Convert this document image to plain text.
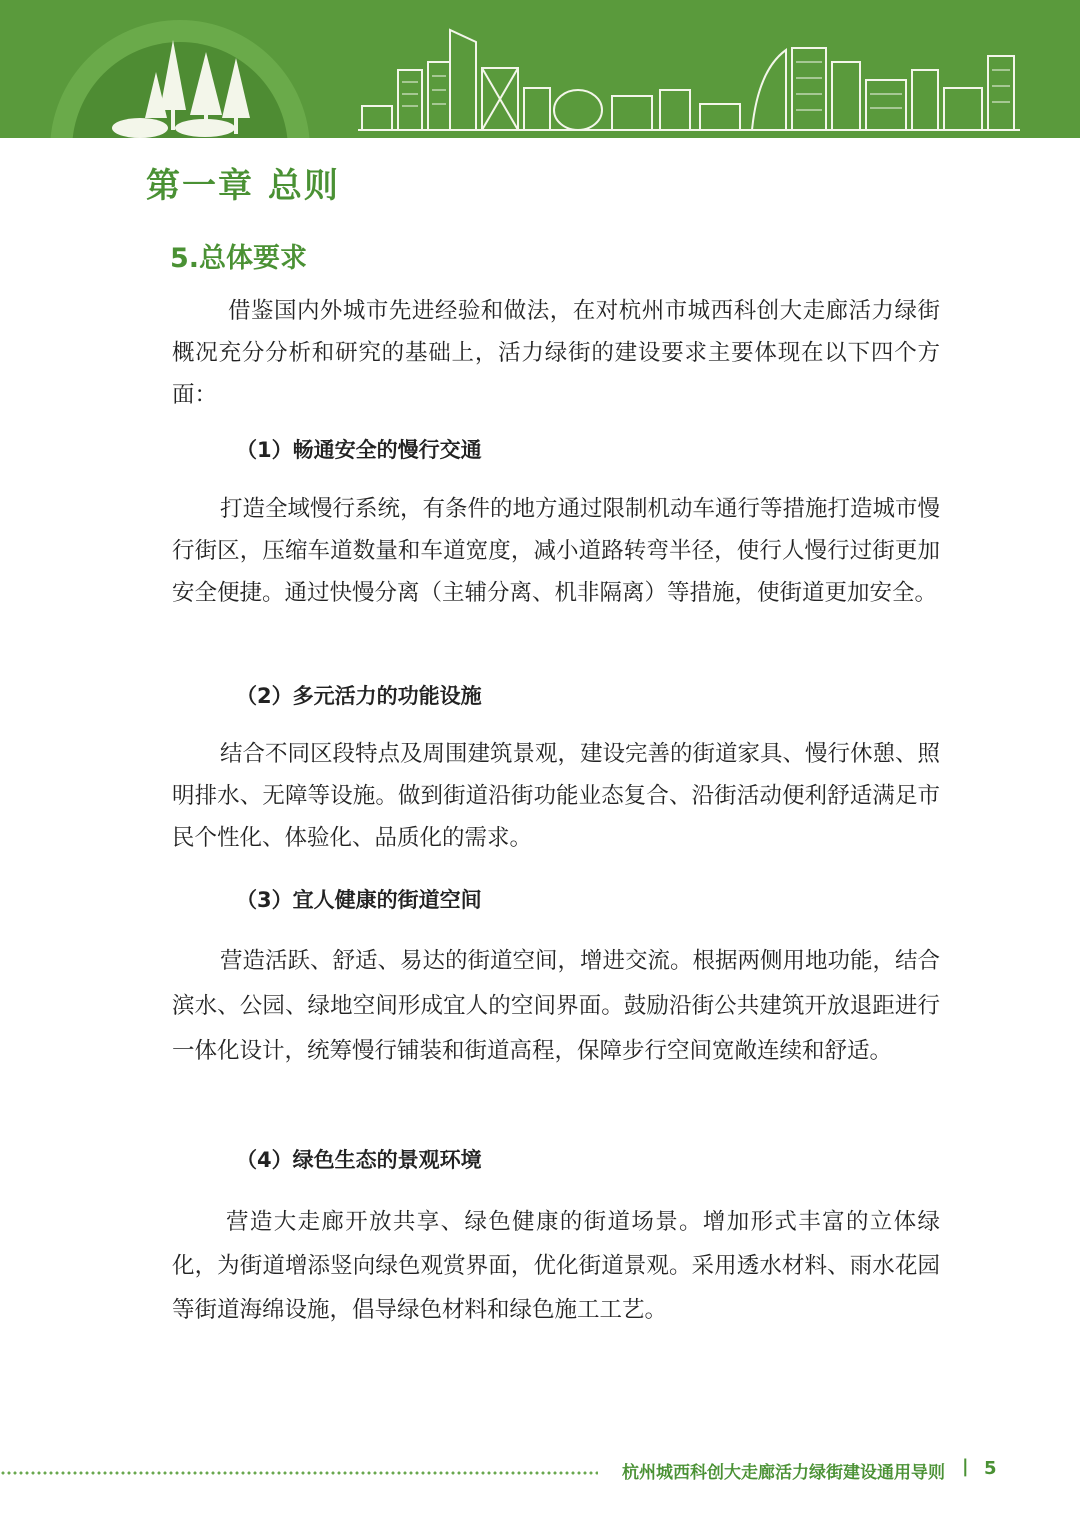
第一章 总则
5.总体要求

借鉴国内外城市先进经验和做法，在对杭州市城西科创大走廊活力绿街概况充分分析和研究的基础上，活力绿街的建设要求主要体现在以下四个方面：

（1）畅通安全的慢行交通

打造全域慢行系统，有条件的地方通过限制机动车通行等措施打造城市慢行街区，压缩车道数量和车道宽度，减小道路转弯半径，使行人慢行过街更加安全便捷。通过快慢分离（主辅分离、机非隔离）等措施，使街道更加安全。

（2）多元活力的功能设施

结合不同区段特点及周围建筑景观，建设完善的街道家具、慢行休憩、照明排水、无障等设施。做到街道沿街功能业态复合、沿街活动便利舒适满足市民个性化、体验化、品质化的需求。

（3）宜人健康的街道空间

营造活跃、舒适、易达的街道空间，增进交流。根据两侧用地功能，结合滨水、公园、绿地空间形成宜人的空间界面。鼓励沿街公共建筑开放退距进行一体化设计，统筹慢行铺装和街道高程，保障步行空间宽敞连续和舒适。

（4）绿色生态的景观环境

营造大走廊开放共享、绿色健康的街道场景。增加形式丰富的立体绿化，为街道增添竖向绿色观赏界面，优化街道景观。采用透水材料、雨水花园等街道海绵设施，倡导绿色材料和绿色施工工艺。

杭州城西科创大走廊活力绿街建设通用导则 | 5
